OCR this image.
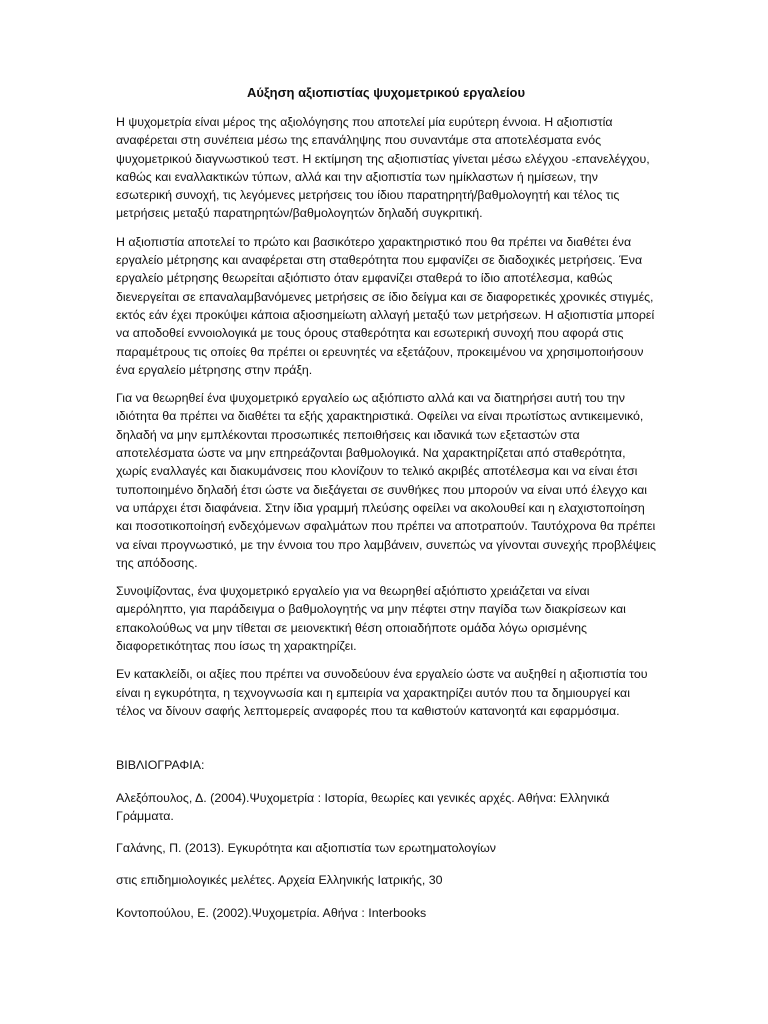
Αύξηση αξιοπιστίας ψυχομετρικού εργαλείου

Η ψυχομετρία είναι μέρος της αξιολόγησης που αποτελεί μία ευρύτερη έννοια. Η αξιοπιστία αναφέρεται στη συνέπεια μέσω της επανάληψης που συναντάμε στα αποτελέσματα ενός ψυχομετρικού διαγνωστικού τεστ. Η εκτίμηση της αξιοπιστίας γίνεται μέσω ελέγχου -επανελέγχου, καθώς και εναλλακτικών τύπων, αλλά και την αξιοπιστία των ημίκλαστων ή ημίσεων, την εσωτερική συνοχή, τις λεγόμενες μετρήσεις του ίδιου παρατηρητή/βαθμολογητή και τέλος τις μετρήσεις μεταξύ παρατηρητών/βαθμολογητών δηλαδή συγκριτική.

Η αξιοπιστία αποτελεί το πρώτο και βασικότερο χαρακτηριστικό που θα πρέπει να διαθέτει ένα εργαλείο μέτρησης και αναφέρεται στη σταθερότητα που εμφανίζει σε διαδοχικές μετρήσεις. Ένα εργαλείο μέτρησης θεωρείται αξιόπιστο όταν εμφανίζει σταθερά το ίδιο αποτέλεσμα, καθώς διενεργείται σε επαναλαμβανόμενες μετρήσεις σε ίδιο δείγμα και σε διαφορετικές χρονικές στιγμές, εκτός εάν έχει προκύψει κάποια αξιοσημείωτη αλλαγή μεταξύ των μετρήσεων. Η αξιοπιστία μπορεί να αποδοθεί εννοιολογικά με τους όρους σταθερότητα και εσωτερική συνοχή που αφορά στις παραμέτρους τις οποίες θα πρέπει οι ερευνητές να εξετάζουν, προκειμένου να χρησιμοποιήσουν ένα εργαλείο μέτρησης στην πράξη.

Για να θεωρηθεί ένα ψυχομετρικό εργαλείο ως αξιόπιστο αλλά και να διατηρήσει αυτή του την ιδιότητα θα πρέπει να διαθέτει τα εξής χαρακτηριστικά. Οφείλει να είναι πρωτίστως αντικειμενικό, δηλαδή να μην εμπλέκονται προσωπικές πεποιθήσεις και ιδανικά των εξεταστών στα αποτελέσματα ώστε να μην επηρεάζονται βαθμολογικά. Να χαρακτηρίζεται από σταθερότητα, χωρίς εναλλαγές και διακυμάνσεις που κλονίζουν το τελικό ακριβές αποτέλεσμα και να είναι έτσι τυποποιημένο δηλαδή έτσι ώστε να διεξάγεται σε συνθήκες που μπορούν να είναι υπό έλεγχο και να υπάρχει έτσι διαφάνεια. Στην ίδια γραμμή πλεύσης οφείλει να ακολουθεί και η ελαχιστοποίηση και ποσοτικοποίησή ενδεχόμενων σφαλμάτων που πρέπει να αποτραπούν. Ταυτόχρονα θα πρέπει να είναι προγνωστικό, με την έννοια του προ λαμβάνειν, συνεπώς να γίνονται συνεχής προβλέψεις της απόδοσης.

Συνοψίζοντας, ένα ψυχομετρικό εργαλείο για να θεωρηθεί αξιόπιστο χρειάζεται να είναι αμερόληπτο, για παράδειγμα ο βαθμολογητής να μην πέφτει στην παγίδα των διακρίσεων και επακολούθως να μην τίθεται σε μειονεκτική θέση οποιαδήποτε ομάδα λόγω ορισμένης διαφορετικότητας που ίσως τη χαρακτηρίζει.

Εν κατακλείδι, οι αξίες που πρέπει να συνοδεύουν ένα εργαλείο ώστε να αυξηθεί η αξιοπιστία του είναι η εγκυρότητα, η τεχνογνωσία και η εμπειρία να χαρακτηρίζει αυτόν που τα δημιουργεί και τέλος να δίνουν σαφής λεπτομερείς αναφορές που τα καθιστούν κατανοητά και εφαρμόσιμα.

ΒΙΒΛΙΟΓΡΑΦΙΑ:

Αλεξόπουλος, Δ. (2004).Ψυχομετρία : Ιστορία, θεωρίες και γενικές αρχές. Αθήνα: Ελληνικά Γράμματα.

Γαλάνης, Π. (2013). Εγκυρότητα και αξιοπιστία των ερωτηματολογίων

στις επιδημιολογικές μελέτες. Αρχεία Ελληνικής Ιατρικής, 30

Κοντοπούλου, Ε. (2002).Ψυχομετρία. Αθήνα : Interbooks
